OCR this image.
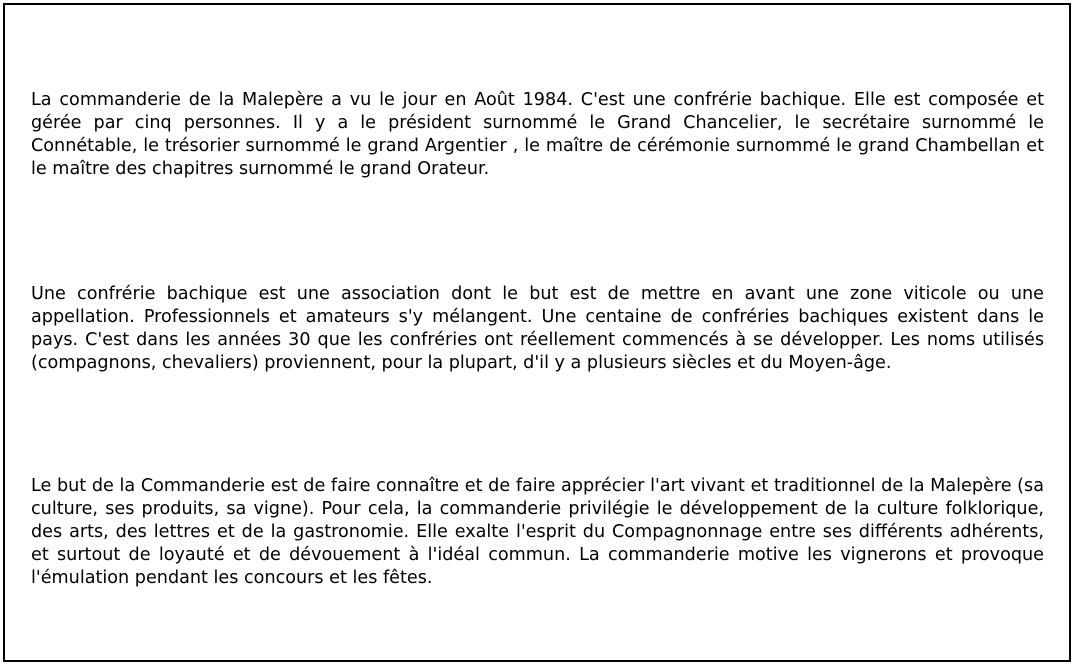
La commanderie de la Malepère a vu le jour en Août 1984. C'est une confrérie bachique. Elle est composée et gérée par cinq personnes. Il y a le président surnommé le Grand Chancelier, le secrétaire surnommé le Connétable, le trésorier surnommé le grand Argentier , le maître de cérémonie surnommé le grand Chambellan et le maître des chapitres surnommé le grand Orateur.

Une confrérie bachique est une association dont le but est de mettre en avant une zone viticole ou une appellation. Professionnels et amateurs s'y mélangent. Une centaine de confréries bachiques existent dans le pays. C'est dans les années 30 que les confréries ont réellement commencés à se développer. Les noms utilisés (compagnons, chevaliers) proviennent, pour la plupart, d'il y a plusieurs siècles et du Moyen-âge.

Le but de la Commanderie est de faire connaître et de faire apprécier l'art vivant et traditionnel de la Malepère (sa culture, ses produits, sa vigne). Pour cela, la commanderie privilégie le développement de la culture folklorique, des arts, des lettres et de la gastronomie. Elle exalte l'esprit du Compagnonnage entre ses différents adhérents, et surtout de loyauté et de dévouement à l'idéal commun. La commanderie motive les vignerons et provoque l'émulation pendant les concours et les fêtes.
